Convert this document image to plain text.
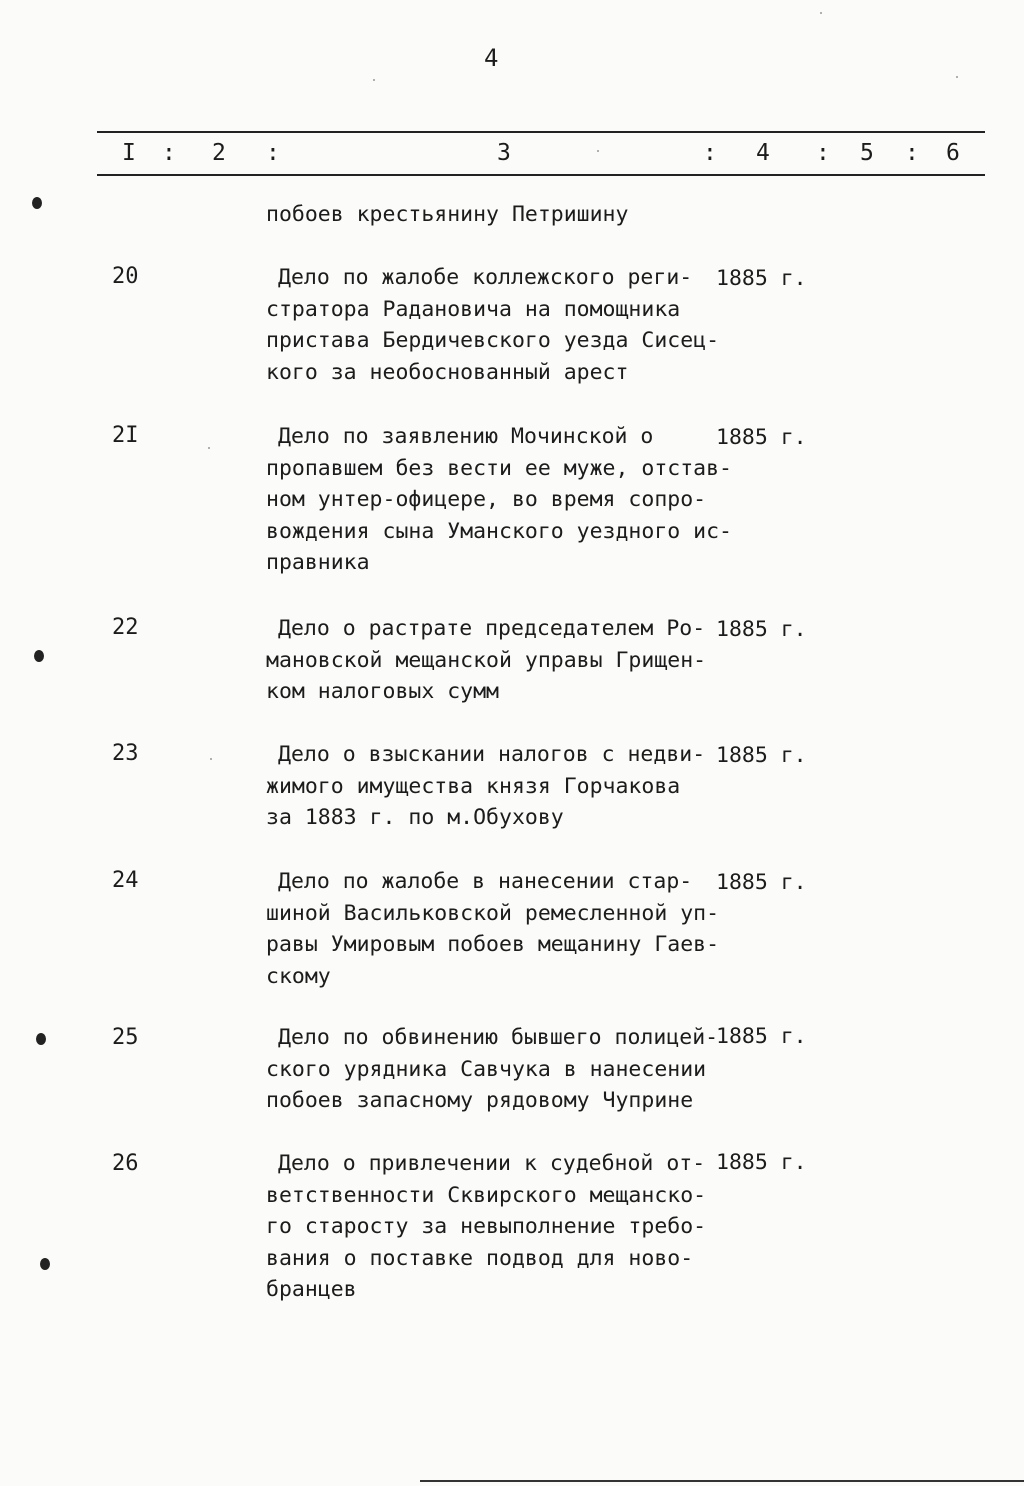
4
I : 2 :	3	: 4 : 5 : 6
побоев крестьянину Петришину
20	Дело по жалобе коллежского реги-
стратора Радановича на помощника
пристава Бердичевского уезда Сисец-
кого за необоснованный арест
1885 г.
2I	Дело по заявлению Мочинской о
пропавшем без вести ее муже, отстав-
ном унтер-офицере, во время сопро-
вождения сына Уманского уездного ис-
правника
1885 г.
22	Дело о растрате председателем Ро-
мановской мещанской управы Грищен-
ком налоговых сумм
1885 г.
23	Дело о взыскании налогов с недви-
жимого имущества князя Горчакова
за 1883 г. по м.Обухову
1885 г.
24	Дело по жалобе в нанесении стар-
шиной Васильковской ремесленной уп-
равы Умировым побоев мещанину Гаев-
скому
1885 г.
25	Дело по обвинению бывшего полицей-
ского урядника Савчука в нанесении
побоев запасному рядовому Чуприне
1885 г.
26	Дело о привлечении к судебной от-
ветственности Сквирского мещанско-
го старосту за невыполнение требо-
вания о поставке подвод для ново-
бранцев
1885 г.
